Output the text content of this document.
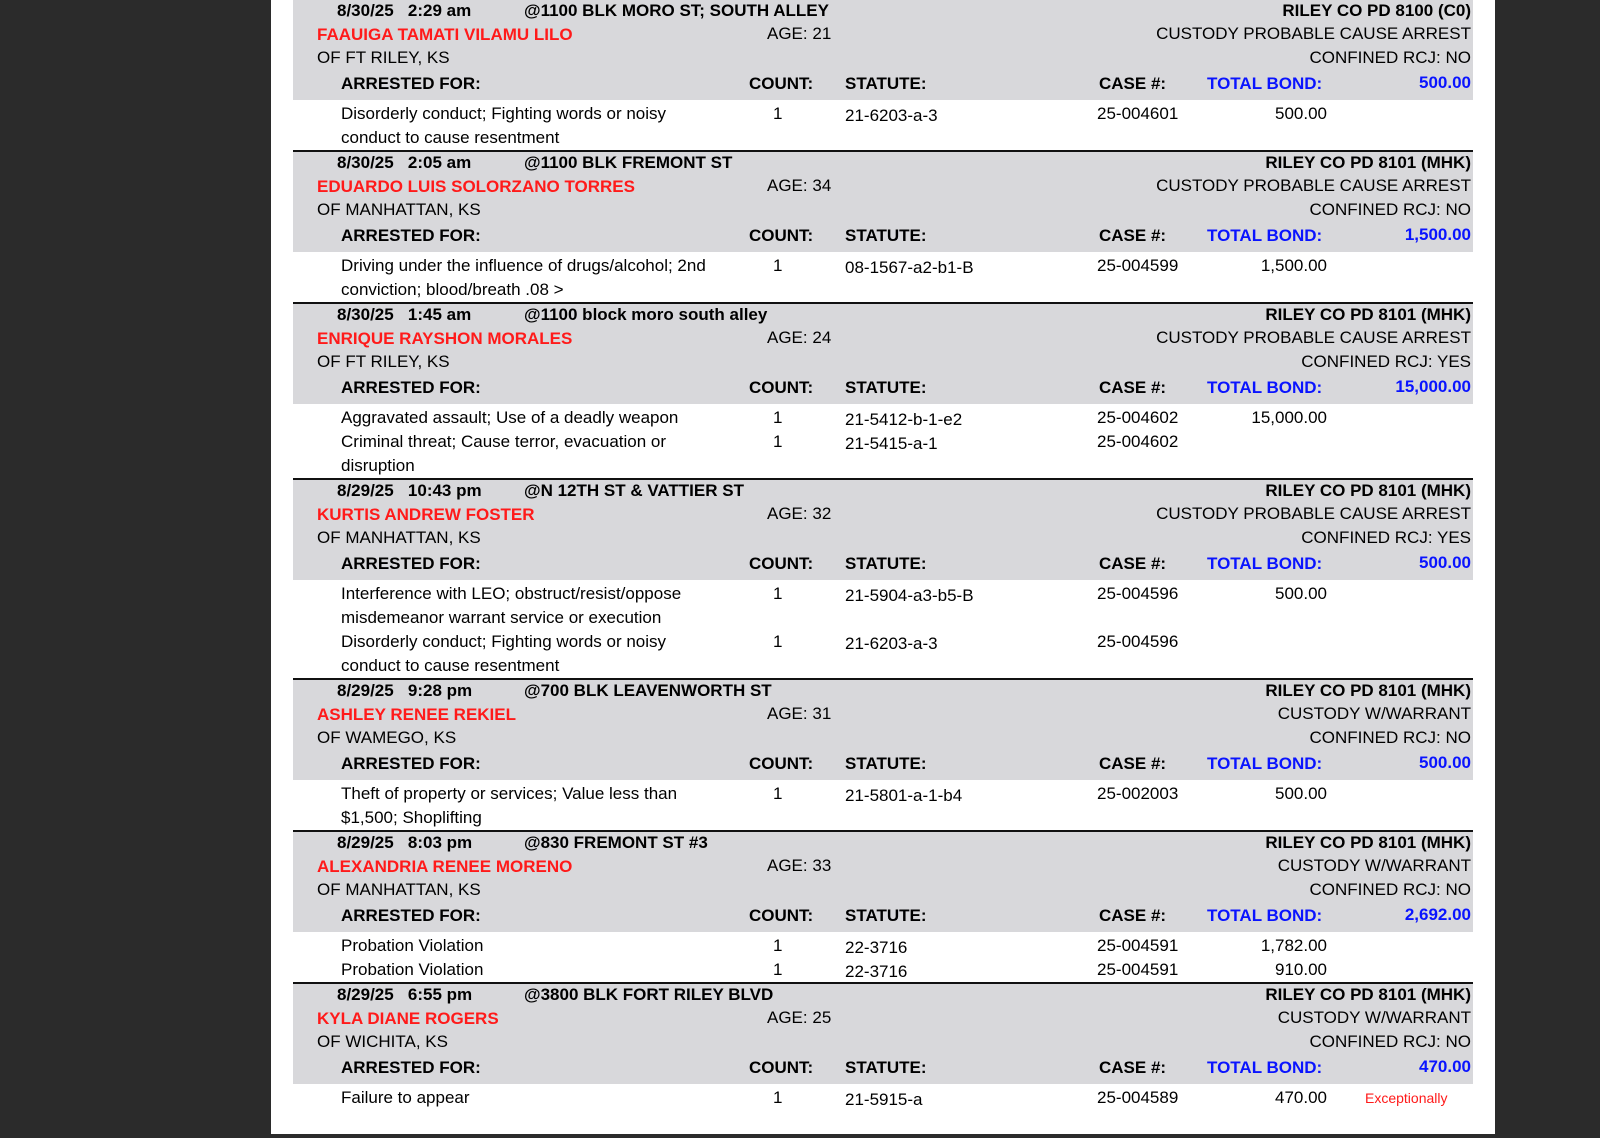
8/30/25 2:29 am	@1100 BLK MORO ST; SOUTH ALLEY	RILEY CO PD 8100 (C0)
FAAUIGA TAMATI VILAMU LILO	AGE: 21	CUSTODY PROBABLE CAUSE ARREST
OF FT RILEY, KS	CONFINED RCJ: NO
ARRESTED FOR:	COUNT: STATUTE:	CASE #: TOTAL BOND:	500.00
Disorderly conduct; Fighting words or noisy conduct to cause resentment
1	21-6203-a-3	25-004601	500.00
8/30/25 2:05 am	@1100 BLK FREMONT ST	RILEY CO PD 8101 (MHK)
EDUARDO LUIS SOLORZANO TORRES	AGE: 34	CUSTODY PROBABLE CAUSE ARREST
OF MANHATTAN, KS	CONFINED RCJ: NO
ARRESTED FOR:	COUNT: STATUTE:	CASE #: TOTAL BOND:	1,500.00
Driving under the influence of drugs/alcohol; 2nd conviction; blood/breath .08 >
1	08-1567-a2-b1-B	25-004599	1,500.00
8/30/25 1:45 am	@1100 block moro south alley	RILEY CO PD 8101 (MHK)
ENRIQUE RAYSHON MORALES	AGE: 24	CUSTODY PROBABLE CAUSE ARREST
OF FT RILEY, KS	CONFINED RCJ: YES
ARRESTED FOR:	COUNT: STATUTE:	CASE #: TOTAL BOND:	15,000.00
Aggravated assault; Use of a deadly weapon	1	21-5412-b-1-e2	25-004602	15,000.00
Criminal threat; Cause terror, evacuation or disruption
1	21-5415-a-1	25-004602
8/29/25 10:43 pm @N 12TH ST & VATTIER ST	RILEY CO PD 8101 (MHK)
KURTIS ANDREW FOSTER	AGE: 32	CUSTODY PROBABLE CAUSE ARREST
OF MANHATTAN, KS	CONFINED RCJ: YES
ARRESTED FOR:	COUNT: STATUTE:	CASE #: TOTAL BOND:	500.00
Interference with LEO; obstruct/resist/oppose misdemeanor warrant service or execution
1	21-5904-a3-b5-B	25-004596	500.00
Disorderly conduct; Fighting words or noisy conduct to cause resentment
1	21-6203-a-3	25-004596
8/29/25 9:28 pm	@700 BLK LEAVENWORTH ST	RILEY CO PD 8101 (MHK)
ASHLEY RENEE REKIEL	AGE: 31	CUSTODY W/WARRANT
OF WAMEGO, KS	CONFINED RCJ: NO
ARRESTED FOR:	COUNT: STATUTE:	CASE #: TOTAL BOND:	500.00
Theft of property or services; Value less than $1,500; Shoplifting
1	21-5801-a-1-b4	25-002003	500.00
8/29/25 8:03 pm	@830 FREMONT ST #3	RILEY CO PD 8101 (MHK)
ALEXANDRIA RENEE MORENO	AGE: 33	CUSTODY W/WARRANT
OF MANHATTAN, KS	CONFINED RCJ: NO
ARRESTED FOR:	COUNT: STATUTE:	CASE #: TOTAL BOND:	2,692.00
Probation Violation	1	22-3716	25-004591	1,782.00
Probation Violation	1	22-3716	25-004591	910.00
8/29/25 6:55 pm	@3800 BLK FORT RILEY BLVD	RILEY CO PD 8101 (MHK)
KYLA DIANE ROGERS	AGE: 25	CUSTODY W/WARRANT
OF WICHITA, KS	CONFINED RCJ: NO
ARRESTED FOR:	COUNT: STATUTE:	CASE #: TOTAL BOND:	470.00
Failure to appear	1	21-5915-a	25-004589	470.00	Exceptionally
